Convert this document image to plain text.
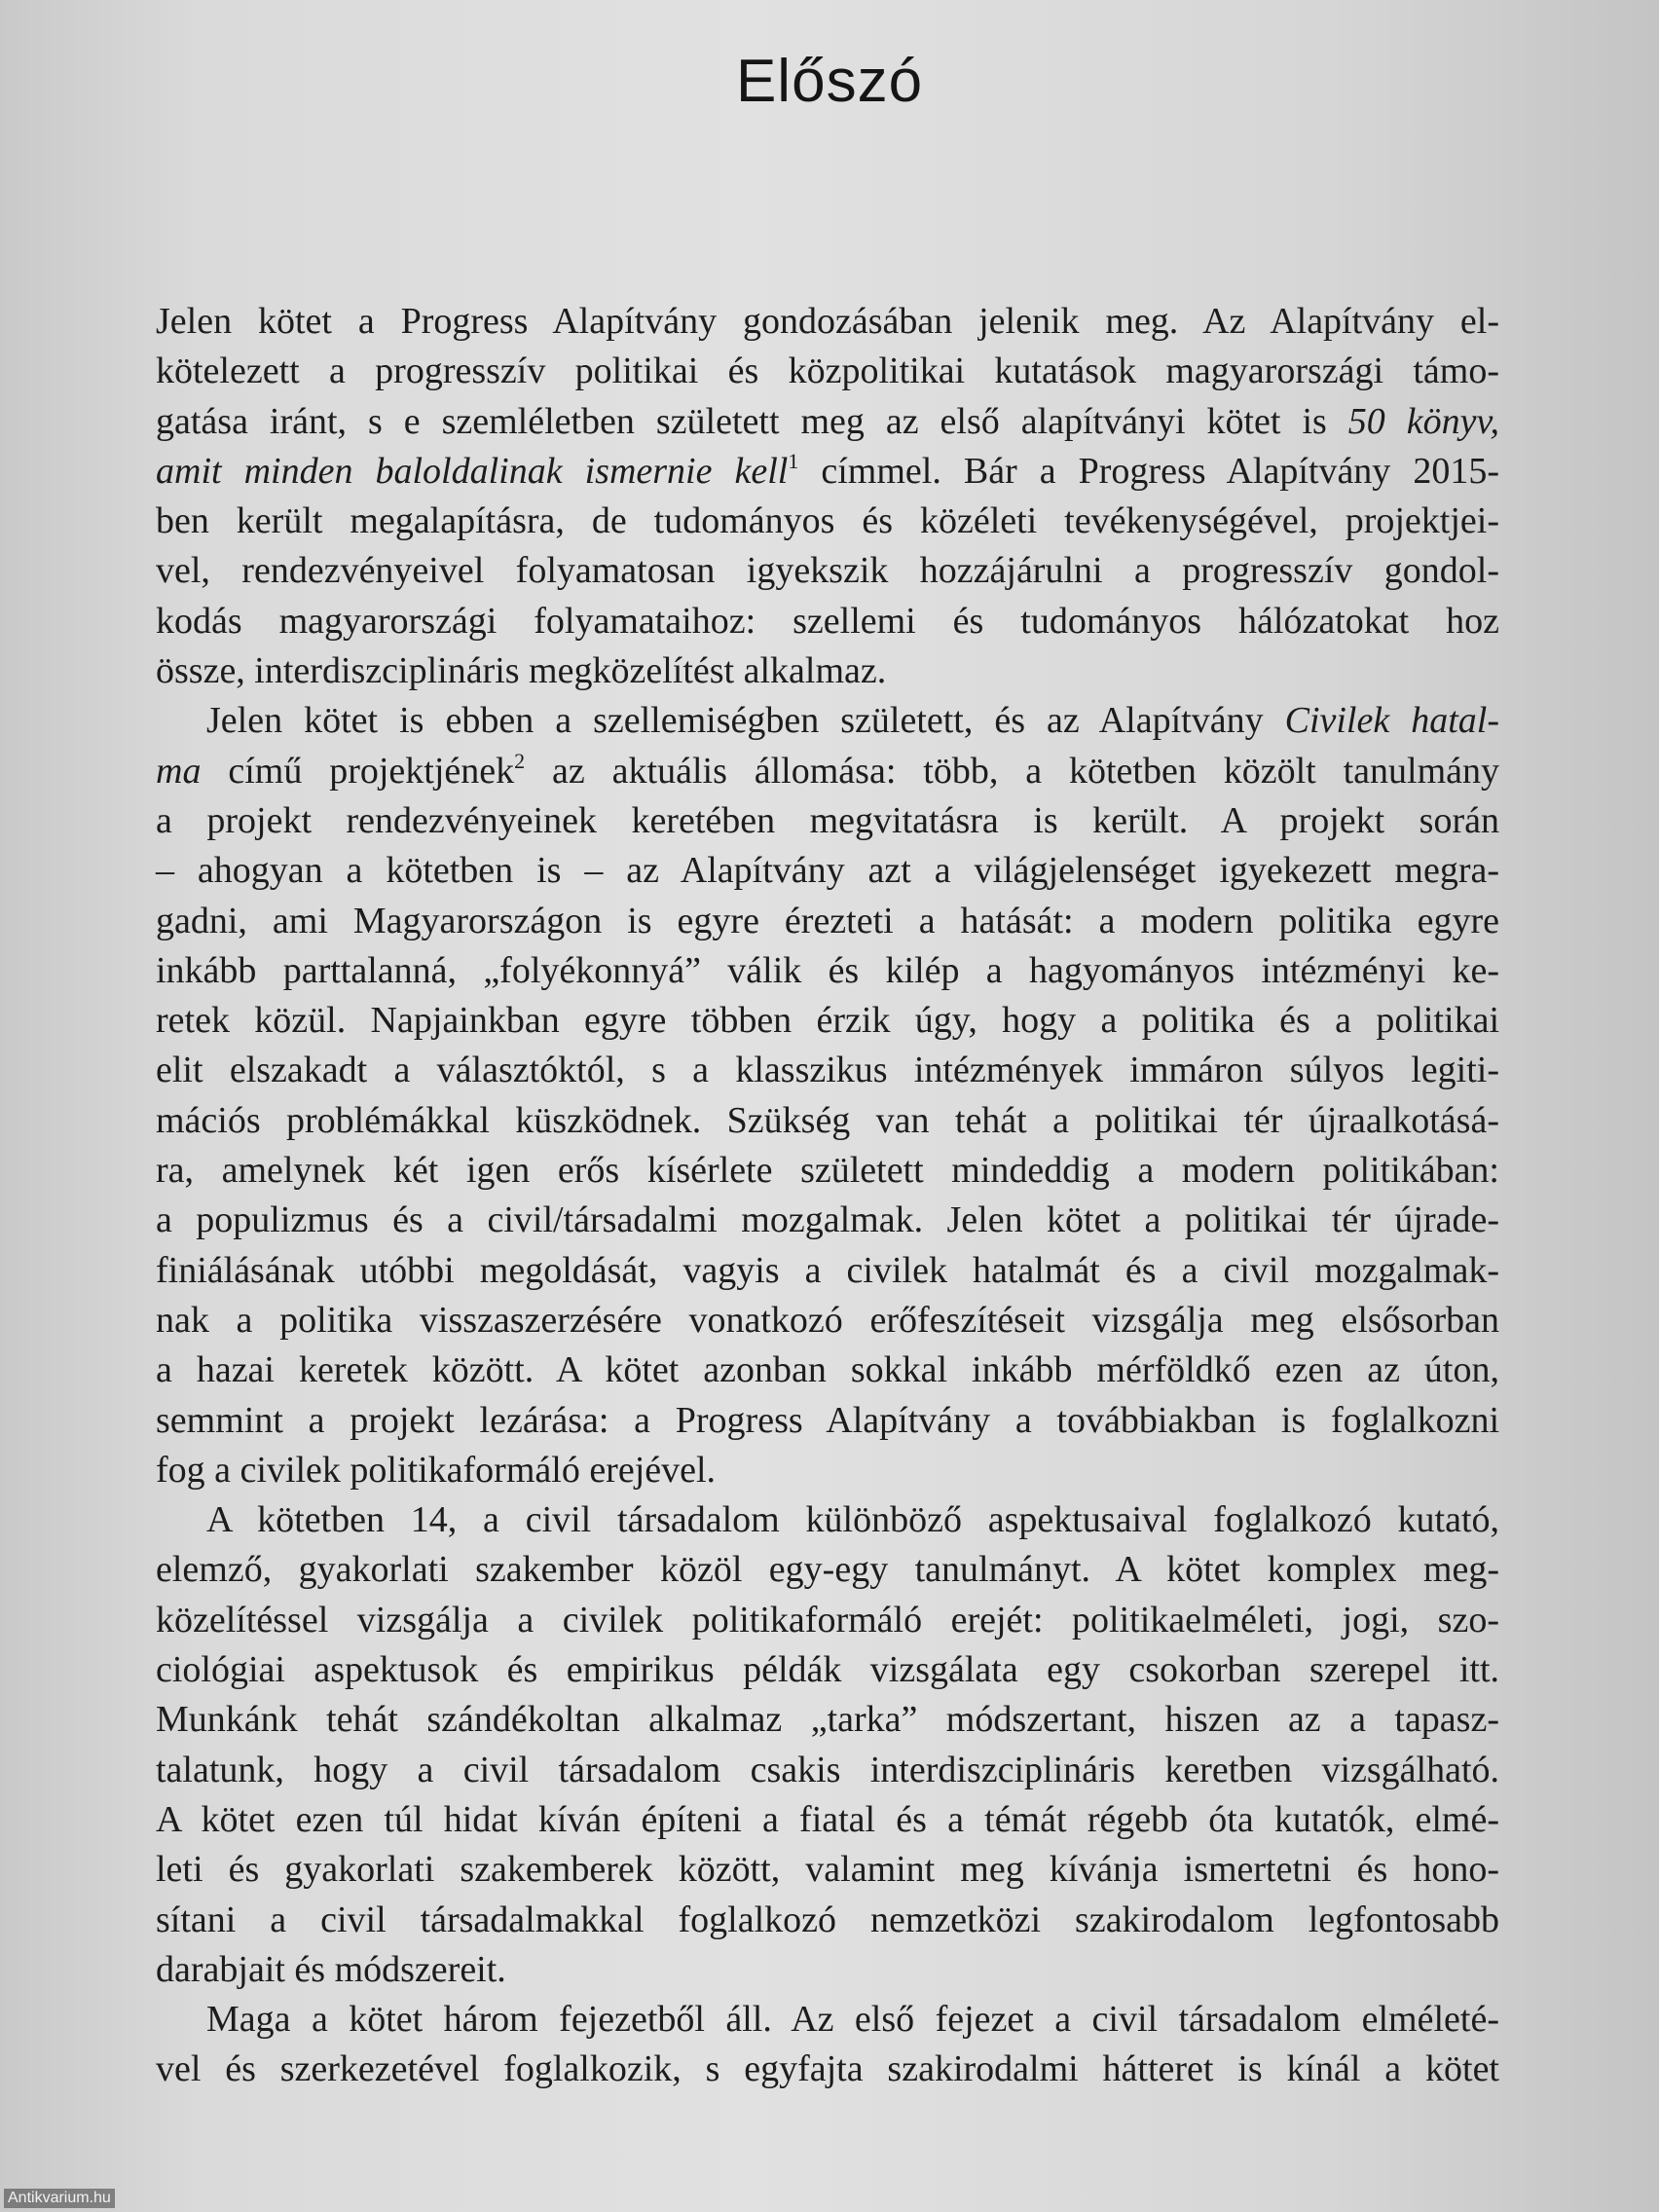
Előszó
Jelen kötet a Progress Alapítvány gondozásában jelenik meg. Az Alapítvány el-
kötelezett a progresszív politikai és közpolitikai kutatások magyarországi támo-
gatása iránt, s e szemléletben született meg az első alapítványi kötet is 50 könyv,
amit minden baloldalinak ismernie kell$^1$ címmel. Bár a Progress Alapítvány 2015-
ben került megalapításra, de tudományos és közéleti tevékenységével, projektjei-
vel, rendezvényeivel folyamatosan igyekszik hozzájárulni a progresszív gondol-
kodás magyarországi folyamataihoz: szellemi és tudományos hálózatokat hoz
össze, interdiszciplináris megközelítést alkalmaz.
Jelen kötet is ebben a szellemiségben született, és az Alapítvány Civilek hatal-
ma című projektjének$^2$ az aktuális állomása: több, a kötetben közölt tanulmány
a projekt rendezvényeinek keretében megvitatásra is került. A projekt során
– ahogyan a kötetben is – az Alapítvány azt a világjelenséget igyekezett megra-
gadni, ami Magyarországon is egyre érezteti a hatását: a modern politika egyre
inkább parttalanná, „folyékonnyá” válik és kilép a hagyományos intézményi ke-
retek közül. Napjainkban egyre többen érzik úgy, hogy a politika és a politikai
elit elszakadt a választóktól, s a klasszikus intézmények immáron súlyos legiti-
mációs problémákkal küszködnek. Szükség van tehát a politikai tér újraalkotásá-
ra, amelynek két igen erős kísérlete született mindeddig a modern politikában:
a populizmus és a civil/társadalmi mozgalmak. Jelen kötet a politikai tér újrade-
finiálásának utóbbi megoldását, vagyis a civilek hatalmát és a civil mozgalmak-
nak a politika visszaszerzésére vonatkozó erőfeszítéseit vizsgálja meg elsősorban
a hazai keretek között. A kötet azonban sokkal inkább mérföldkő ezen az úton,
semmint a projekt lezárása: a Progress Alapítvány a továbbiakban is foglalkozni
fog a civilek politikaformáló erejével.
A kötetben 14, a civil társadalom különböző aspektusaival foglalkozó kutató,
elemző, gyakorlati szakember közöl egy-egy tanulmányt. A kötet komplex meg-
közelítéssel vizsgálja a civilek politikaformáló erejét: politikaelméleti, jogi, szo-
ciológiai aspektusok és empirikus példák vizsgálata egy csokorban szerepel itt.
Munkánk tehát szándékoltan alkalmaz „tarka” módszertant, hiszen az a tapasz-
talatunk, hogy a civil társadalom csakis interdiszciplináris keretben vizsgálható.
A kötet ezen túl hidat kíván építeni a fiatal és a témát régebb óta kutatók, elmé-
leti és gyakorlati szakemberek között, valamint meg kívánja ismertetni és hono-
sítani a civil társadalmakkal foglalkozó nemzetközi szakirodalom legfontosabb
darabjait és módszereit.
Maga a kötet három fejezetből áll. Az első fejezet a civil társadalom elméleté-
vel és szerkezetével foglalkozik, s egyfajta szakirodalmi hátteret is kínál a kötet
Antikvarium.hu
